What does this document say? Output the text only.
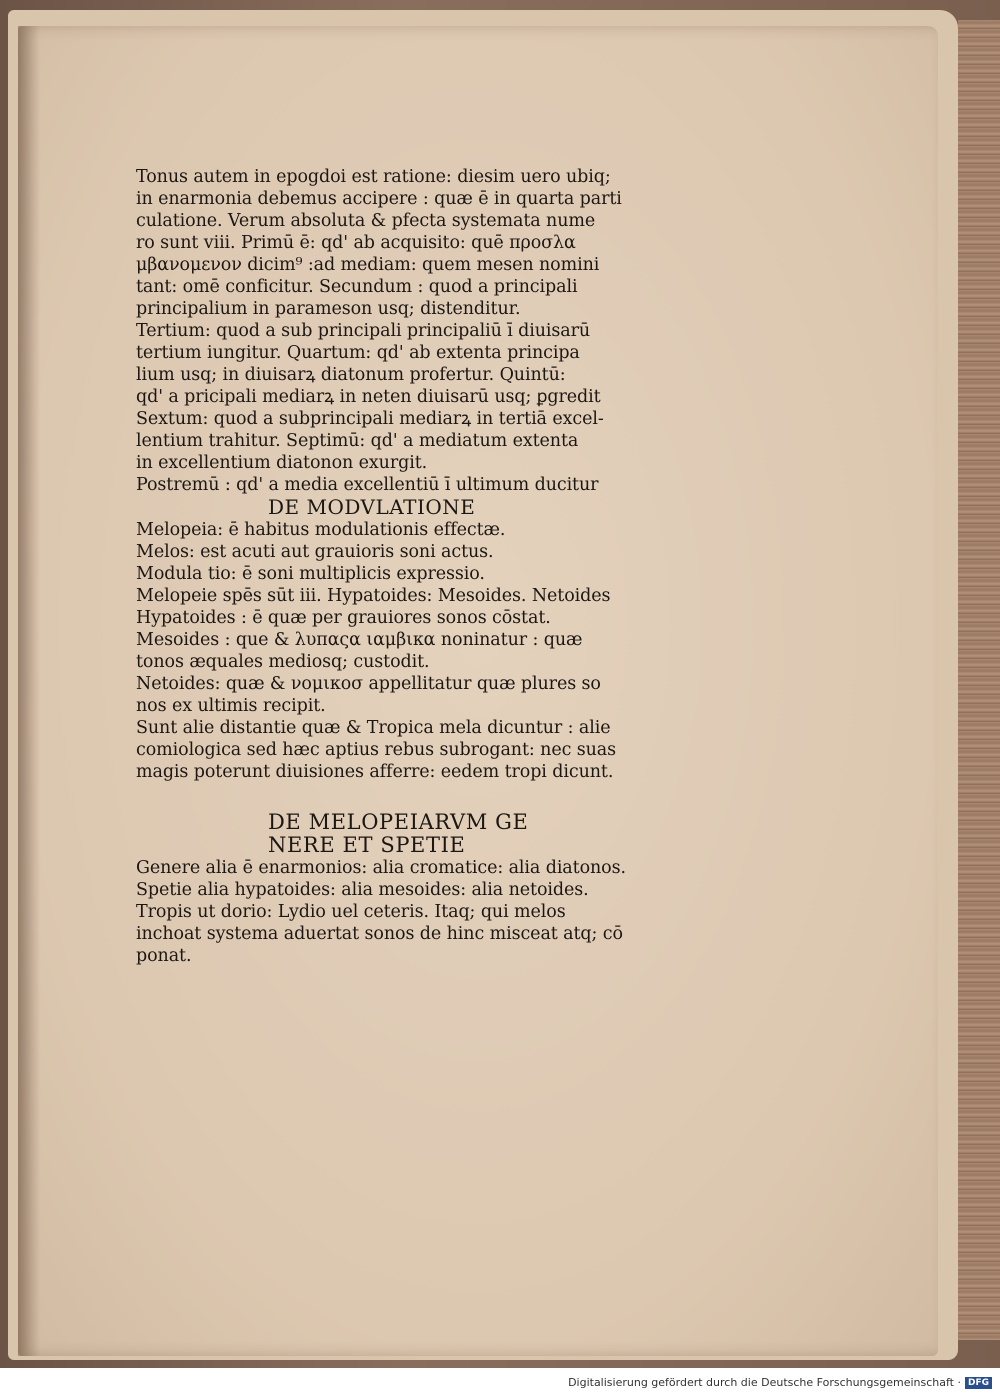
Tonus autem in epogdoi est ratione: diesim uero ubiq;
in enarmonia debemus accipere : quæ ē in quarta parti
culatione. Verum absoluta & pfecta systemata nume
ro sunt viii. Primū ē: qd' ab acquisito: quē προσλα
μβανομενον dicim⁹ :ad mediam: quem mesen nomini
tant: omē conficitur. Secundum : quod a principali
principalium in parameson usq; distenditur.
Tertium: quod a sub principali principaliū ī diuisarū
tertium iungitur. Quartum: qd' ab extenta principa
lium usq; in diuisarꝝ diatonum profertur. Quintū:
qd' a pricipali mediarꝝ in neten diuisarū usq; ꝑgredit
Sextum: quod a subprincipali mediarꝝ in tertiā excel-
lentium trahitur. Septimū: qd' a mediatum extenta
in excellentium diatonon exurgit.
Postremū : qd' a media excellentiū ī ultimum ducitur
DE MODVLATIONE
Melopeia: ē habitus modulationis effectæ.
Melos: est acuti aut grauioris soni actus.
Modula tio: ē soni multiplicis expressio.
Melopeie spēs sūt iii. Hypatoides: Mesoides. Netoides
Hypatoides : ē quæ per grauiores sonos cōstat.
Mesoides : que & λυπαςα ιαμβικα noninatur : quæ
tonos æquales mediosq; custodit.
Netoides: quæ & νομικοσ appellitatur quæ plures so
nos ex ultimis recipit.
Sunt alie distantie quæ & Tropica mela dicuntur : alie
comiologica sed hæc aptius rebus subrogant: nec suas
magis poterunt diuisiones afferre: eedem tropi dicunt.
DE MELOPEIARVM GE
NERE ET SPETIE
Genere alia ē enarmonios: alia cromatice: alia diatonos.
Spetie alia hypatoides: alia mesoides: alia netoides.
Tropis ut dorio: Lydio uel ceteris. Itaq; qui melos
inchoat systema aduertat sonos de hinc misceat atq; cō
ponat.
Digitalisierung gefördert durch die Deutsche Forschungsgemeinschaft · DFG
